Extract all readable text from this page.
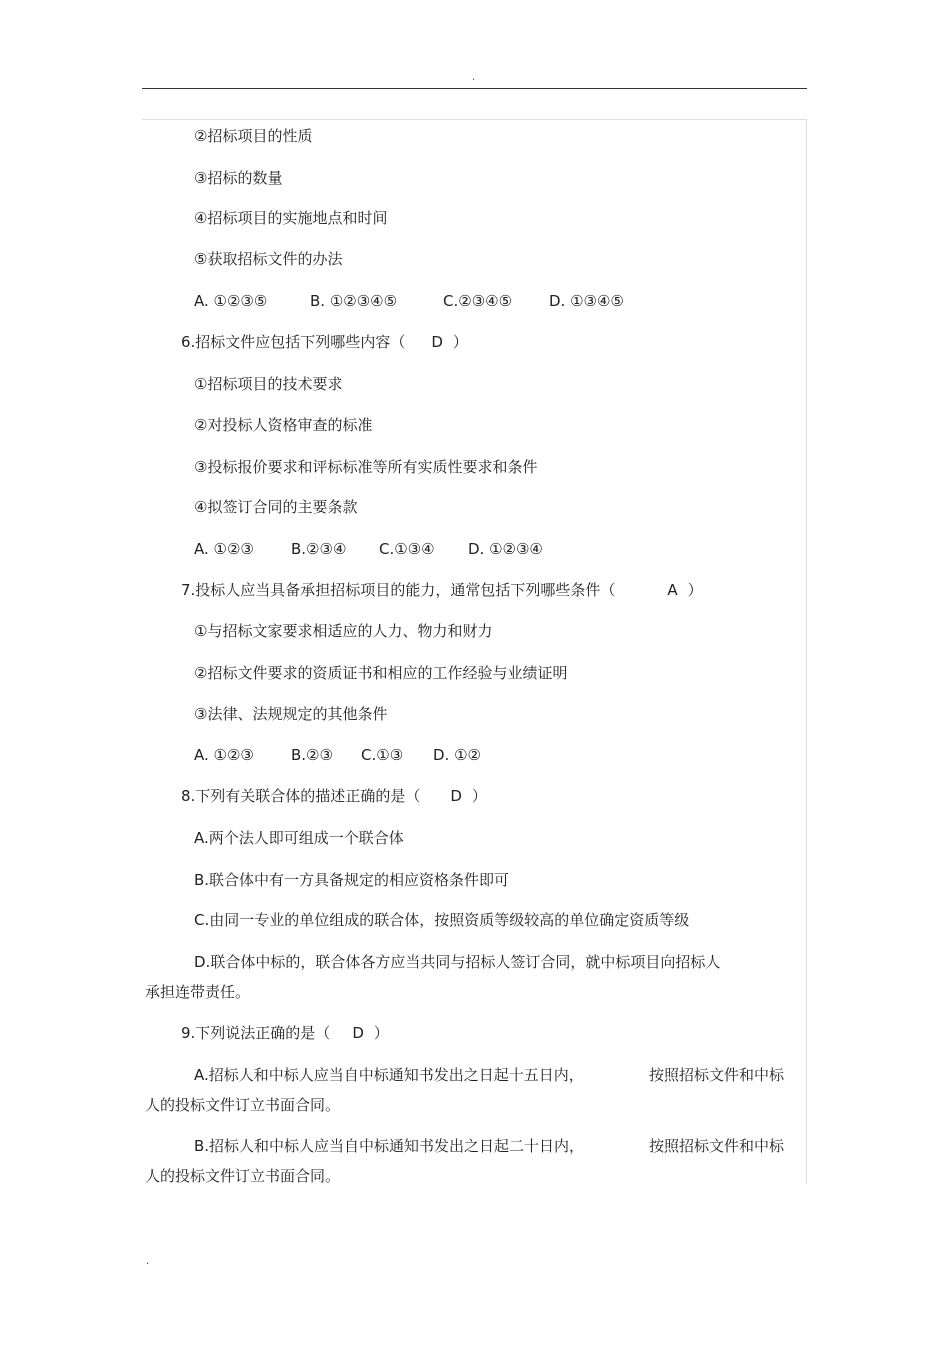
.
②招标项目的性质
③招标的数量
④招标项目的实施地点和时间
⑤获取招标文件的办法
A. ①②③⑤	B. ①②③④⑤	C.②③④⑤ D. ①③④⑤
6.招标文件应包括下列哪些内容（ D ）
①招标项目的技术要求
②对投标人资格审查的标准
③投标报价要求和评标标准等所有实质性要求和条件
④拟签订合同的主要条款
A. ①②③ B.②③④ C.①③④ D. ①②③④
7.投标人应当具备承担招标项目的能力，通常包括下列哪些条件（	A ）
①与招标文家要求相适应的人力、物力和财力
②招标文件要求的资质证书和相应的工作经验与业绩证明
③法律、法规规定的其他条件
A. ①②③ B.②③ C.①③ D. ①②
8.下列有关联合体的描述正确的是（ D ）
A.两个法人即可组成一个联合体
B.联合体中有一方具备规定的相应资格条件即可
C.由同一专业的单位组成的联合体，按照资质等级较高的单位确定资质等级
D.联合体中标的，联合体各方应当共同与招标人签订合同，就中标项目向招标人
承担连带责任。
9.下列说法正确的是（ D ）
A.招标人和中标人应当自中标通知书发出之日起十五日内，	按照招标文件和中标
人的投标文件订立书面合同。
B.招标人和中标人应当自中标通知书发出之日起二十日内，	按照招标文件和中标
人的投标文件订立书面合同。
.
